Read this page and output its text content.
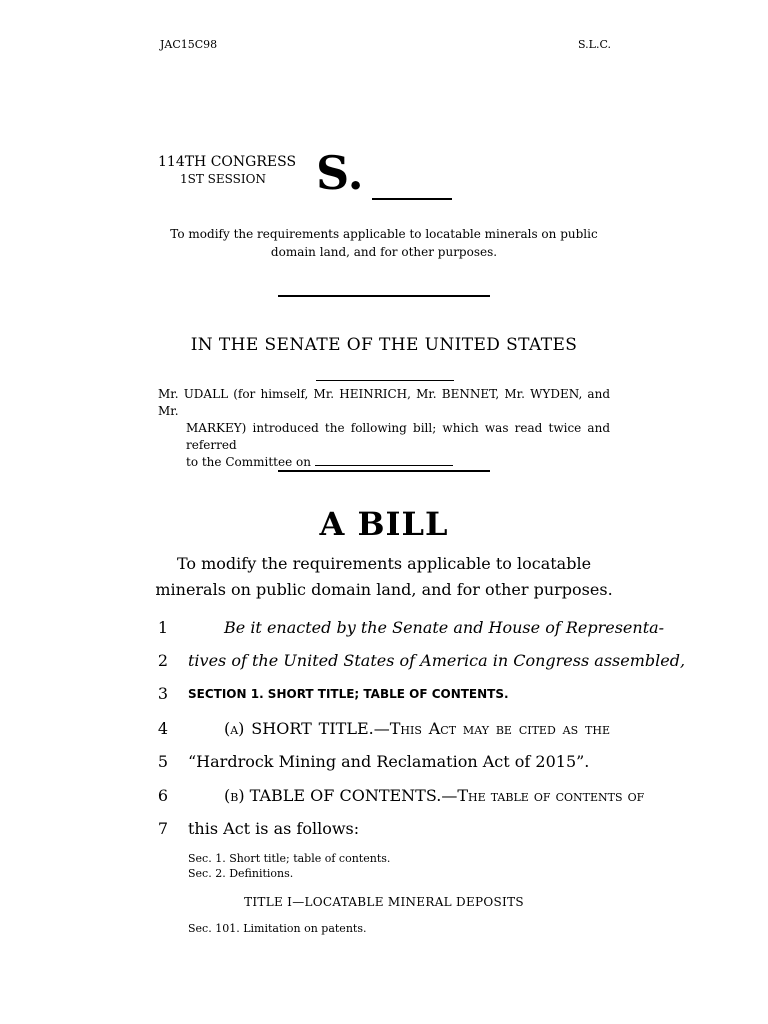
JAC15C98	S.L.C.
114TH CONGRESS
1ST SESSION S.
To modify the requirements applicable to locatable minerals on public domain land, and for other purposes.
IN THE SENATE OF THE UNITED STATES
Mr. UDALL (for himself, Mr. HEINRICH, Mr. BENNET, Mr. WYDEN, and Mr.
MARKEY) introduced the following bill; which was read twice and referred
to the Committee on
A BILL
To modify the requirements applicable to locatable minerals on public domain land, and for other purposes.
1	Be it enacted by the Senate and House of Representa-
2	tives of the United States of America in Congress assembled,
3	SECTION 1. SHORT TITLE; TABLE OF CONTENTS.
4	(a) SHORT TITLE.—This Act may be cited as the
5	“Hardrock Mining and Reclamation Act of 2015”.
6	(b) TABLE OF CONTENTS.—The table of contents of
7	this Act is as follows:
Sec. 1. Short title; table of contents.
Sec. 2. Definitions.
TITLE I—LOCATABLE MINERAL DEPOSITS
Sec. 101. Limitation on patents.
